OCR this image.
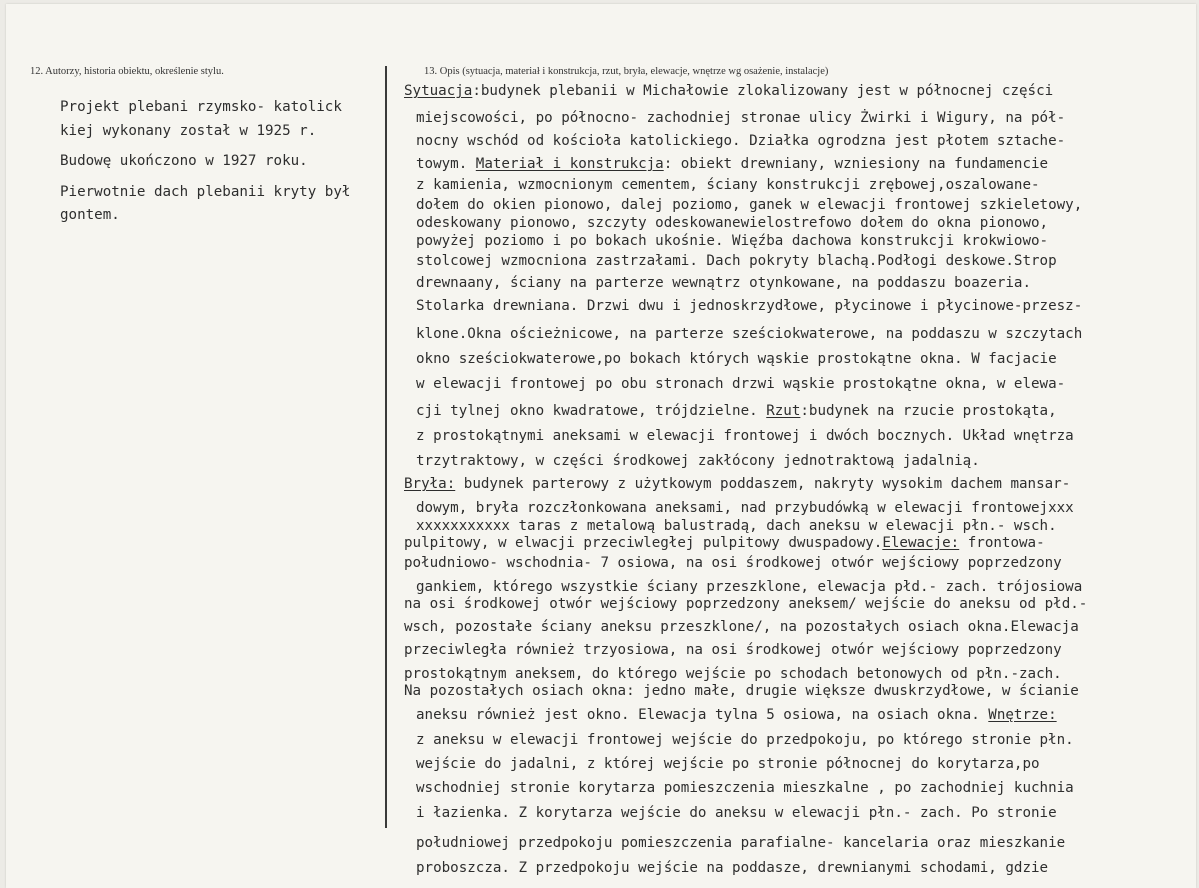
12. Autorzy, historia obiektu, określenie stylu.	13. Opis (sytuacja, materiał i konstrukcja, rzut, bryła, elewacje, wnętrze wg osażenie, instalacje)
Projekt plebani rzymsko- katolick
kiej wykonany został w 1925 r.
Budowę ukończono w 1927 roku.
Pierwotnie dach plebanii kryty był
gontem.
Sytuacja:budynek plebanii w Michałowie zlokalizowany jest w północnej części
miejscowości, po północno- zachodniej stronae ulicy Żwirki i Wigury, na pół-
nocny wschód od kościoła katolickiego. Działka ogrodzna jest płotem sztache-
towym. Materiał i konstrukcja: obiekt drewniany, wzniesiony na fundamencie
z kamienia, wzmocnionym cementem, ściany konstrukcji zrębowej,oszalowane-
dołem do okien pionowo, dalej poziomo, ganek w elewacji frontowej szkieletowy,
odeskowany pionowo, szczyty odeskowanewielostrefowo dołem do okna pionowo,
powyżej poziomo i po bokach ukośnie. Więźba dachowa konstrukcji krokwiowo-
stolcowej wzmocniona zastrzałami. Dach pokryty blachą.Podłogi deskowe.Strop
drewnaany, ściany na parterze wewnątrz otynkowane, na poddaszu boazeria.
Stolarka drewniana. Drzwi dwu i jednoskrzydłowe, płycinowe i płycinowe-przesz-
klone.Okna ościeżnicowe, na parterze sześciokwaterowe, na poddaszu w szczytach
okno sześciokwaterowe,po bokach których wąskie prostokątne okna. W facjacie
w elewacji frontowej po obu stronach drzwi wąskie prostokątne okna, w elewa-
cji tylnej okno kwadratowe, trójdzielne. Rzut:budynek na rzucie prostokąta,
z prostokątnymi aneksami w elewacji frontowej i dwóch bocznych. Układ wnętrza
trzytraktowy, w części środkowej zakłócony jednotraktową jadalnią.
Bryła: budynek parterowy z użytkowym poddaszem, nakryty wysokim dachem mansar-
dowym, bryła rozczłonkowana aneksami, nad przybudówką w elewacji frontowejxxx
xxxxxxxxxxx taras z metalową balustradą, dach aneksu w elewacji płn.- wsch.
pulpitowy, w elwacji przeciwległej pulpitowy dwuspadowy.Elewacje: frontowa-
południowo- wschodnia- 7 osiowa, na osi środkowej otwór wejściowy poprzedzony
gankiem, którego wszystkie ściany przeszklone, elewacja płd.- zach. trójosiowa
na osi środkowej otwór wejściowy poprzedzony aneksem/ wejście do aneksu od płd.-
wsch, pozostałe ściany aneksu przeszklone/, na pozostałych osiach okna.Elewacja
przeciwległa również trzyosiowa, na osi środkowej otwór wejściowy poprzedzony
prostokątnym aneksem, do którego wejście po schodach betonowych od płn.-zach.
Na pozostałych osiach okna: jedno małe, drugie większe dwuskrzydłowe, w ścianie
aneksu również jest okno. Elewacja tylna 5 osiowa, na osiach okna. Wnętrze:
z aneksu w elewacji frontowej wejście do przedpokoju, po którego stronie płn.
wejście do jadalni, z której wejście po stronie północnej do korytarza,po
wschodniej stronie korytarza pomieszczenia mieszkalne , po zachodniej kuchnia
i łazienka. Z korytarza wejście do aneksu w elewacji płn.- zach. Po stronie
południowej przedpokoju pomieszczenia parafialne- kancelaria oraz mieszkanie
proboszcza. Z przedpokoju wejście na poddasze, drewnianymi schodami, gdzie
